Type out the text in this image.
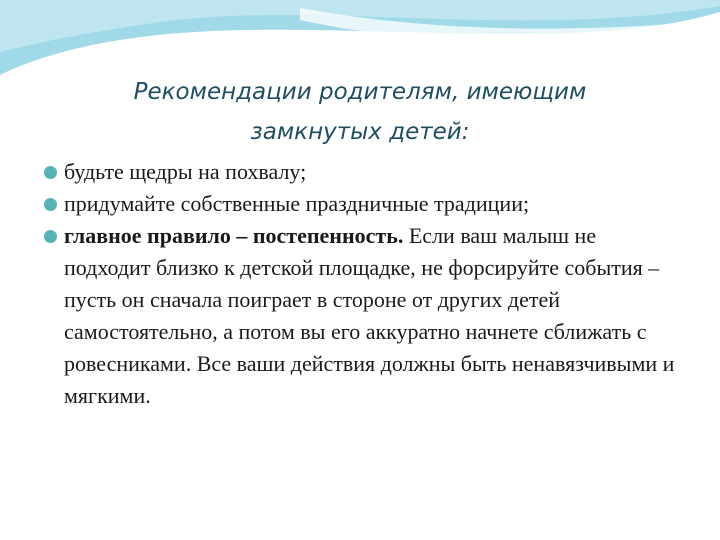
Рекомендации родителям, имеющим
замкнутых детей:
будьте щедры на похвалу;
придумайте собственные праздничные традиции;
главное правило – постепенность. Если ваш малыш не подходит близко к детской площадке, не форсируйте события – пусть он сначала поиграет в стороне от других детей самостоятельно, а потом вы его аккуратно начнете сближать с ровесниками. Все ваши действия должны быть ненавязчивыми и мягкими.
